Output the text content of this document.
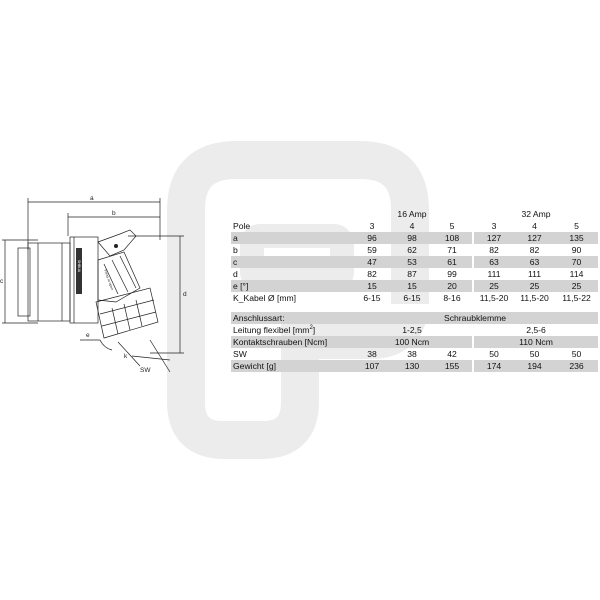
a
b
c
d
e
k
SW
SHBUA
Press to open
	16 Amp				32 Amp		
Pole	3	4	5		3	4	5
a	96	98	108		127	127	135
b	59	62	71		82	82	90
c	47	53	61		63	63	70
d	82	87	99		111	111	114
e [°]	15	15	20		25	25	25
K_Kabel Ø [mm]	6-15	6-15	8-16		11,5-20	11,5-20	11,5-22

Anschlussart:	Schraubklemme						
Leitung flexibel $[mm^2]$	1-2,5				2,5-6		
Kontaktschrauben [Ncm]	100 Ncm				110 Ncm		
SW	38	38	42		50	50	50
Gewicht [g]	107	130	155		174	194	236
